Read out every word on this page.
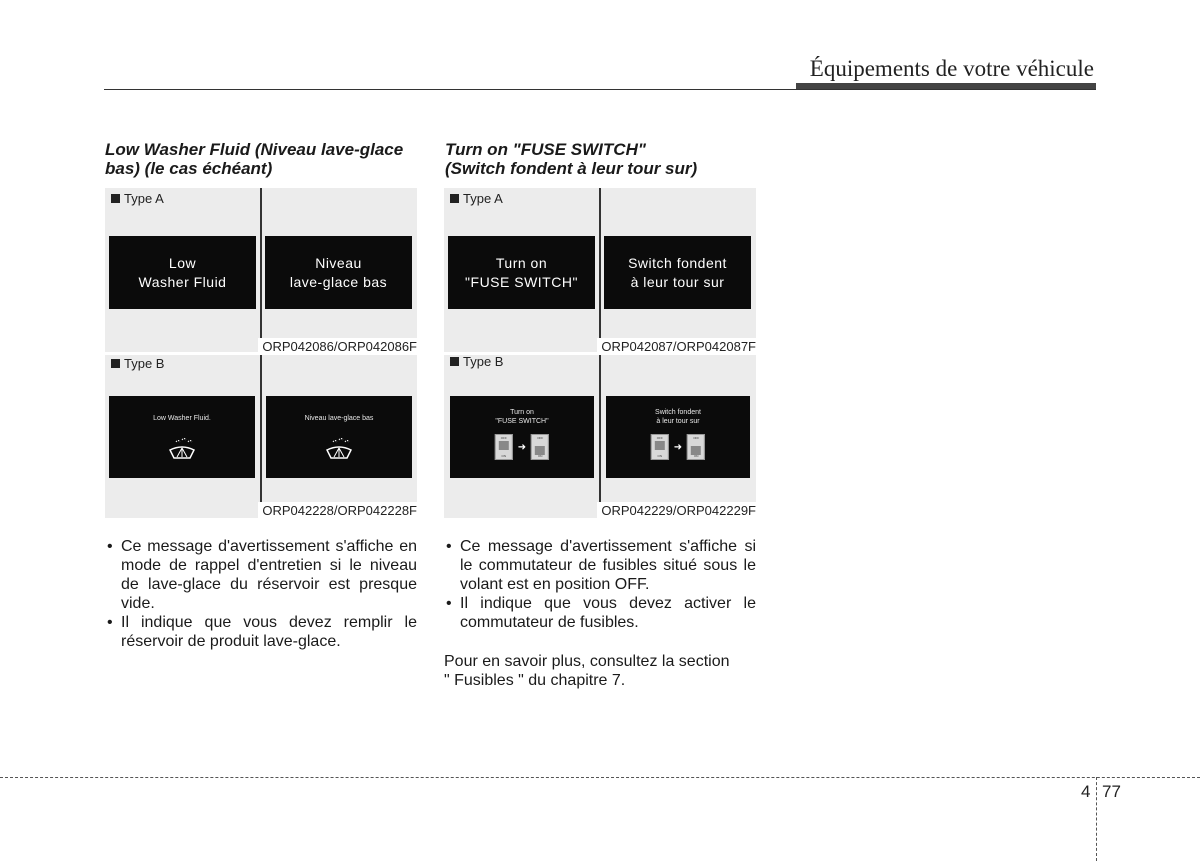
Équipements de votre véhicule
Low Washer Fluid (Niveau lave-glace
bas) (le cas échéant)
Type A
Low
Washer Fluid
Niveau
lave-glace bas
ORP042086/ORP042086F
Type B
Low Washer Fluid.	Niveau lave-glace bas
ORP042228/ORP042228F
• Ce message d'avertissement s'affiche en mode de rappel d'entretien si le niveau de lave-glace du réservoir est presque vide.
• Il indique que vous devez remplir le réservoir de produit lave-glace.
Turn on "FUSE SWITCH"
(Switch fondent à leur tour sur)
Type A
Turn on
"FUSE SWITCH"
Switch fondent
à leur tour sur
ORP042087/ORP042087F
Type B
Turn on
"FUSE SWITCH"
OFF
ON
➜
OFF
ON
Switch fondent
à leur tour sur
OFF
ON
➜
OFF
ON
ORP042229/ORP042229F
• Ce message d'avertissement s'affiche si le commutateur de fusibles situé sous le volant est en position OFF.
• Il indique que vous devez activer le commutateur de fusibles.
Pour en savoir plus, consultez la section
" Fusibles " du chapitre 7.
4 77
